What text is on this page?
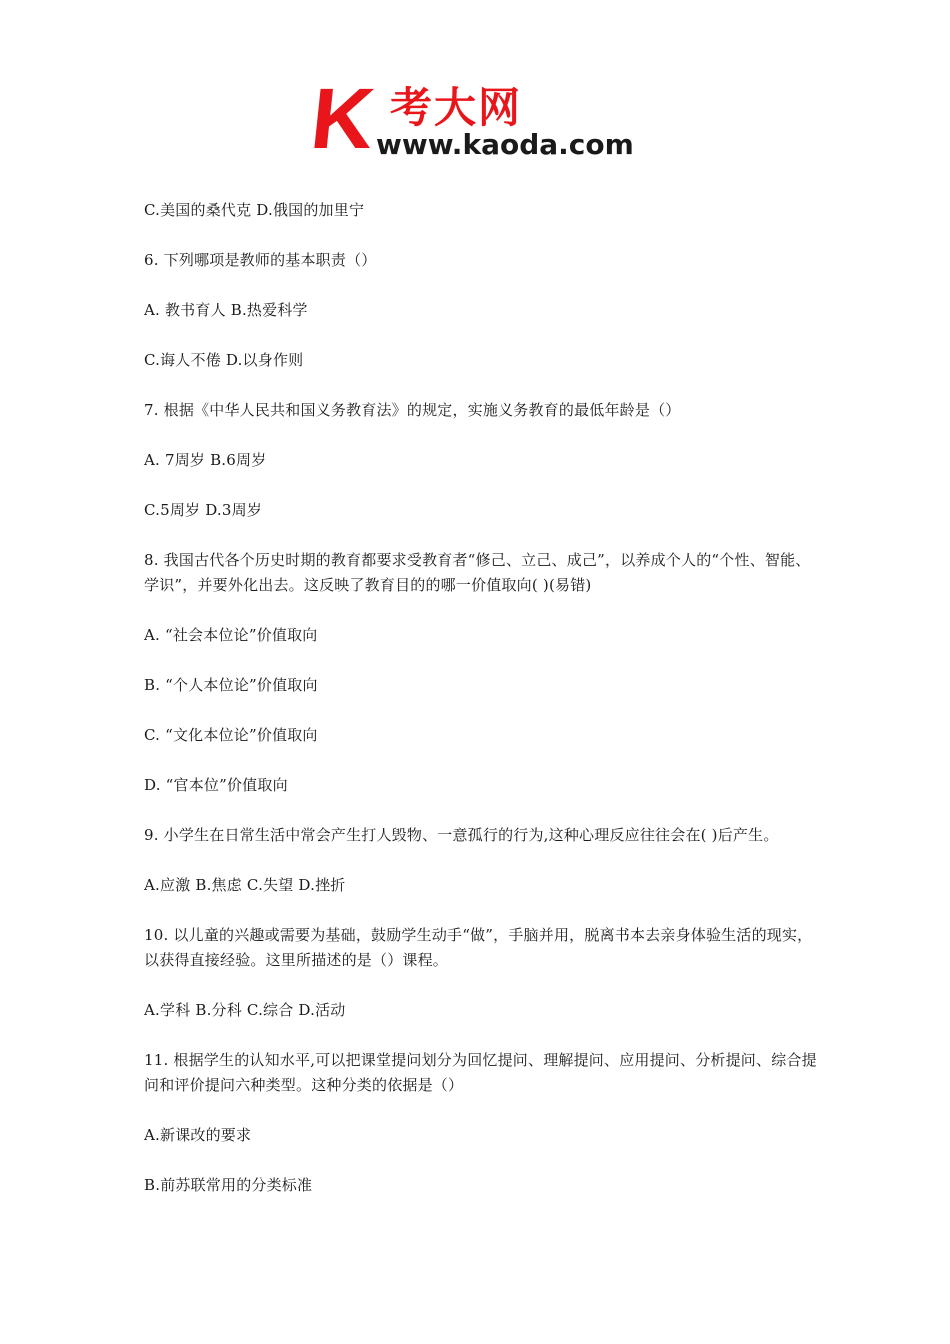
K 考大网
www.kaoda.com
C.美国的桑代克 D.俄国的加里宁
6. 下列哪项是教师的基本职责（）
A. 教书育人 B.热爱科学
C.诲人不倦 D.以身作则
7. 根据《中华人民共和国义务教育法》的规定，实施义务教育的最低年龄是（）
A. 7周岁 B.6周岁
C.5周岁 D.3周岁
8. 我国古代各个历史时期的教育都要求受教育者“修己、立己、成己”，以养成个人的“个性、智能、学识”，并要外化出去。这反映了教育目的的哪一价值取向( )(易错)
A. “社会本位论”价值取向
B. “个人本位论”价值取向
C. “文化本位论”价值取向
D. “官本位”价值取向
9. 小学生在日常生活中常会产生打人毁物、一意孤行的行为,这种心理反应往往会在( )后产生。
A.应激 B.焦虑 C.失望 D.挫折
10. 以儿童的兴趣或需要为基础，鼓励学生动手“做”，手脑并用，脱离书本去亲身体验生活的现实，以获得直接经验。这里所描述的是（）课程。
A.学科 B.分科 C.综合 D.活动
11. 根据学生的认知水平,可以把课堂提问划分为回忆提问、理解提问、应用提问、分析提问、综合提问和评价提问六种类型。这种分类的依据是（）
A.新课改的要求
B.前苏联常用的分类标准
